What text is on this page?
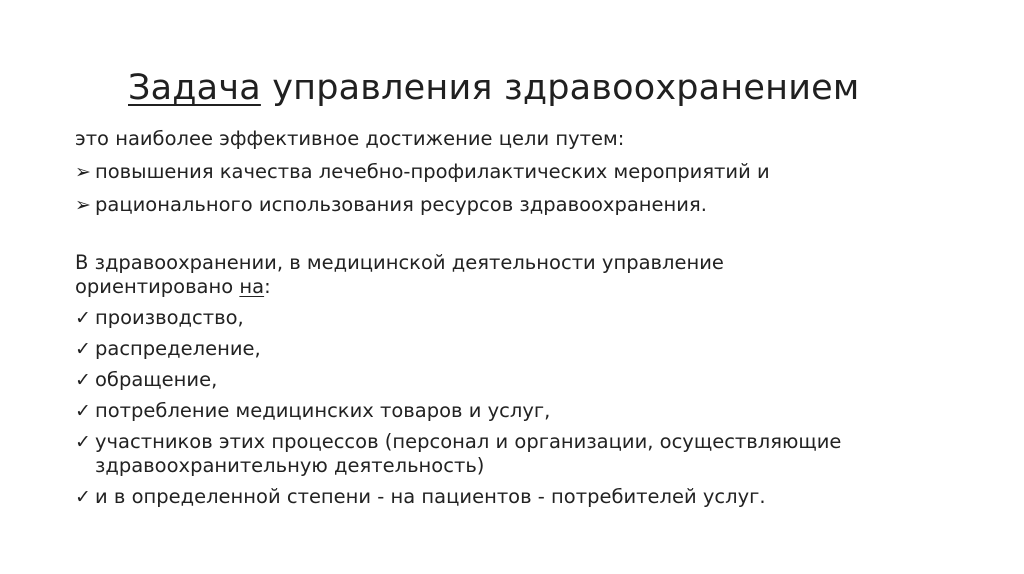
Задача управления здравоохранением
это наиболее эффективное достижение цели путем:
➢ повышения качества лечебно-профилактических мероприятий и
➢ рационального использования ресурсов здравоохранения.
В здравоохранении, в медицинской деятельности управление
ориентировано на:
✓ производство,
✓ распределение,
✓ обращение,
✓ потребление медицинских товаров и услуг,
✓ участников этих процессов (персонал и организации, осуществляющие
здравоохранительную деятельность)
✓ и в определенной степени - на пациентов - потребителей услуг.
